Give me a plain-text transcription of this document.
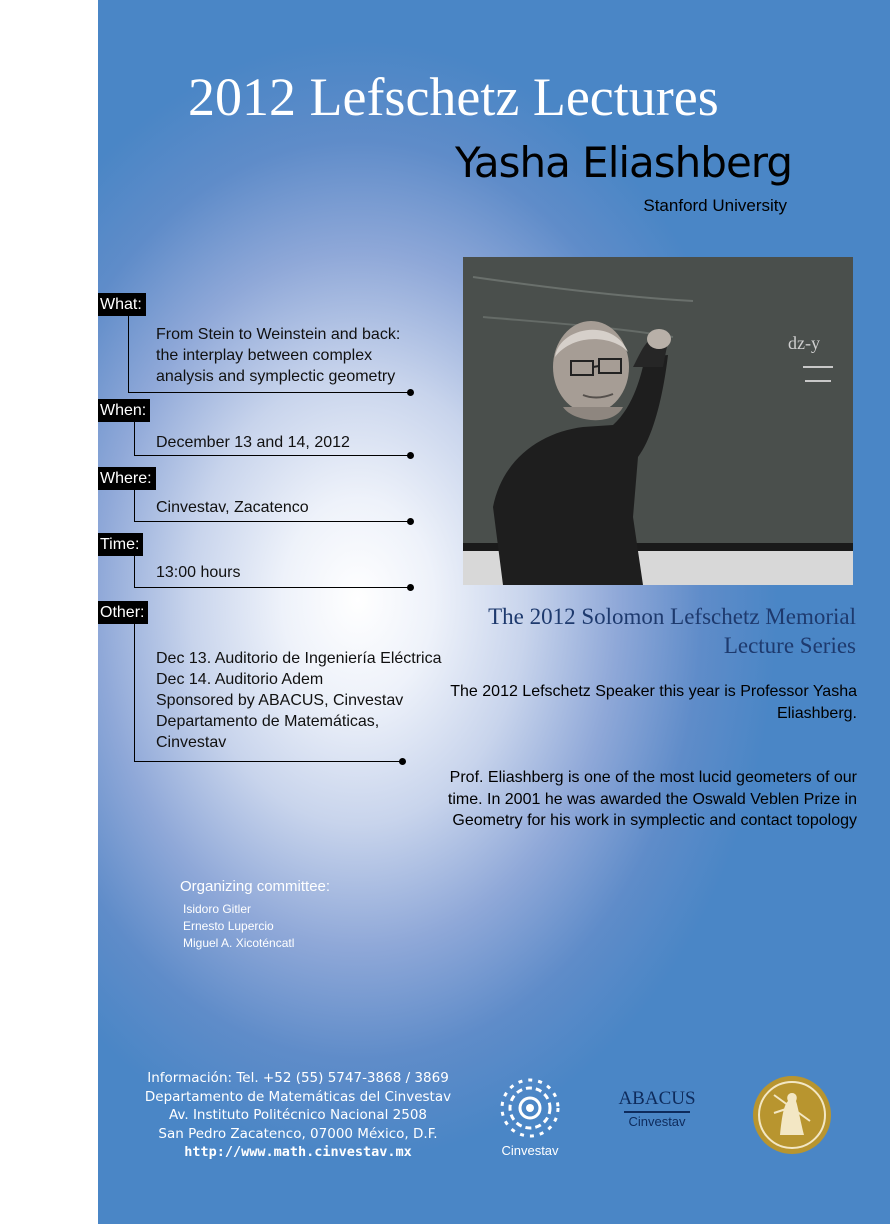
2012 Lefschetz Lectures
Yasha Eliashberg
Stanford University
dz-y
What:
From Stein to Weinstein and back:
the interplay between complex
analysis and symplectic geometry
When:
December 13 and 14, 2012
Where:
Cinvestav, Zacatenco
Time:
13:00 hours
Other:
Dec 13. Auditorio de Ingeniería Eléctrica
Dec 14. Auditorio Adem
Sponsored by ABACUS, Cinvestav
Departamento de Matemáticas,
Cinvestav
The 2012 Solomon Lefschetz Memorial
Lecture Series
The 2012 Lefschetz Speaker this year is Professor Yasha Eliashberg.
Prof. Eliashberg is one of the most lucid geometers of our time. In 2001 he was awarded the Oswald Veblen Prize in Geometry for his work in symplectic and contact topology
Organizing committee:
Isidoro Gitler
Ernesto Lupercio
Miguel A. Xicoténcatl
Información: Tel. +52 (55) 5747-3868 / 3869
Departamento de Matemáticas del Cinvestav
Av. Instituto Politécnico Nacional 2508
San Pedro Zacatenco, 07000 México, D.F.
http://www.math.cinvestav.mx	Cinvestav
ABACUS
Cinvestav
